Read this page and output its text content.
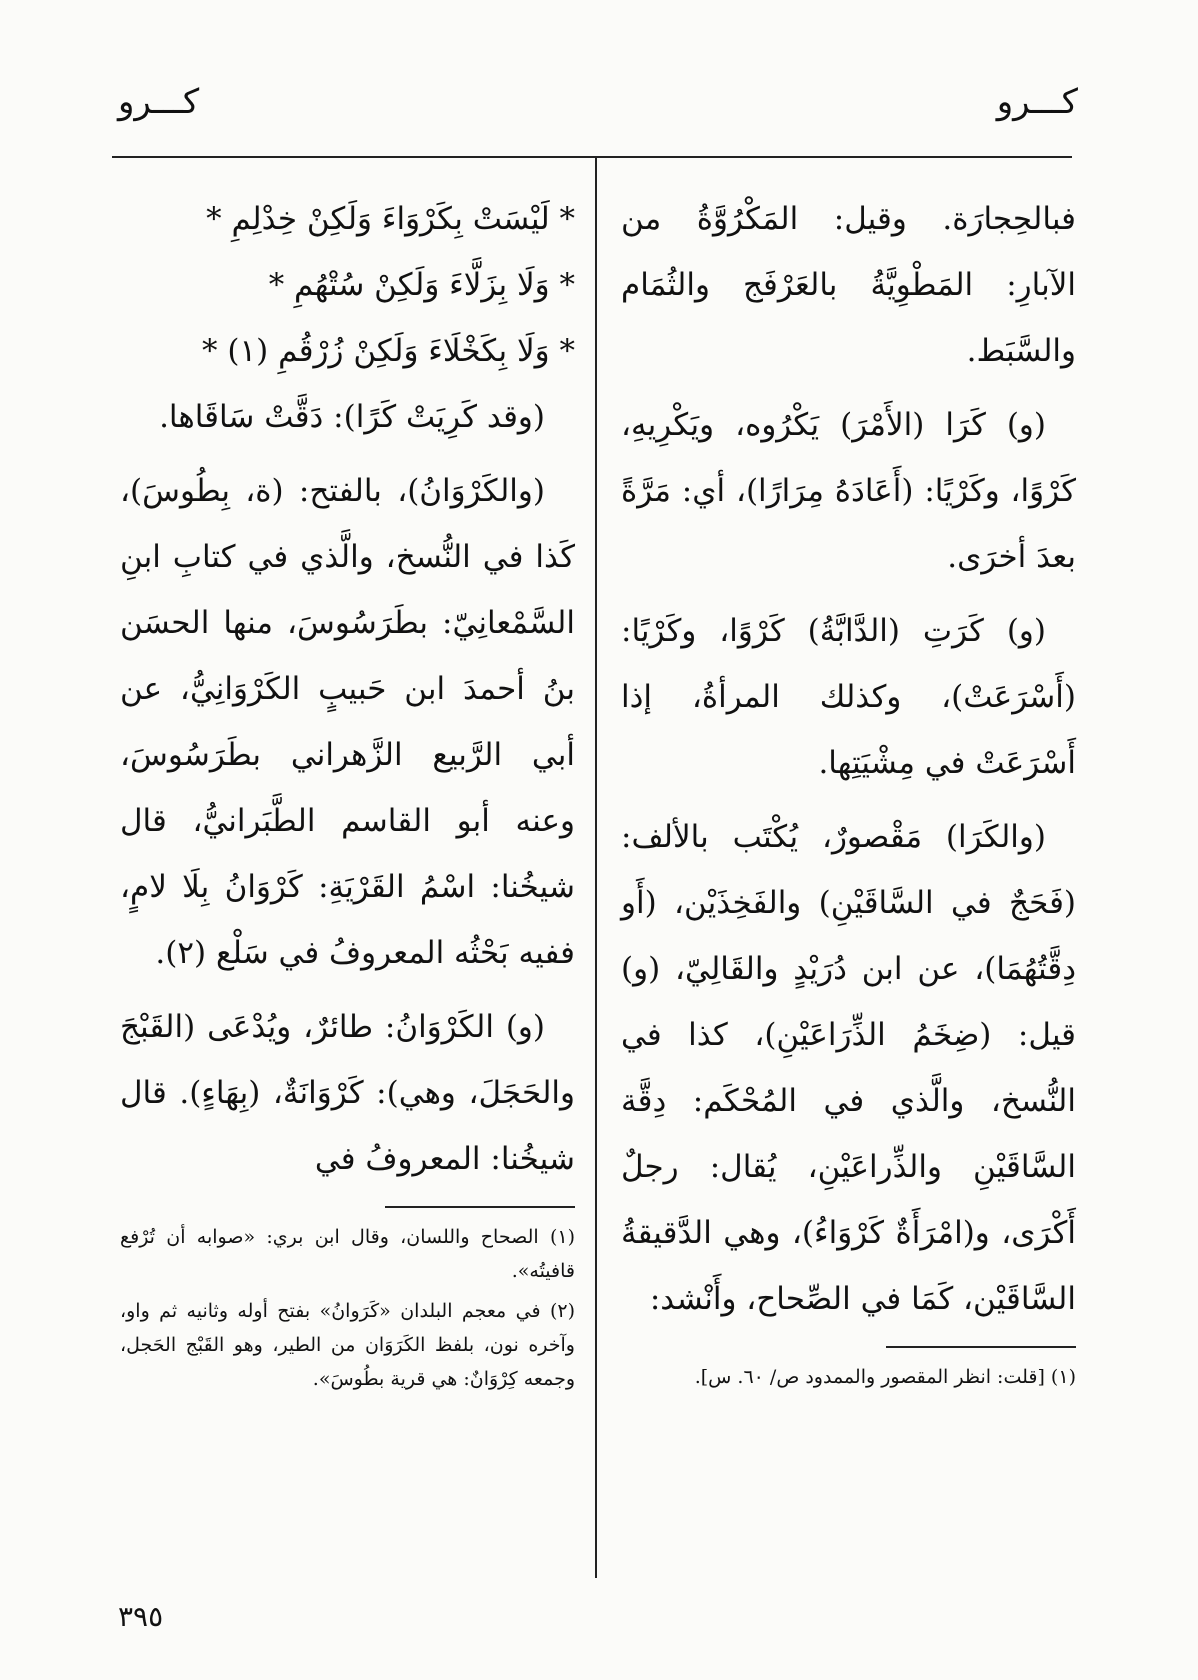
كـــرو
كـــرو

فبالحِجارَة. وقيل: المَكْرُوَّةُ من الآبارِ: المَطْوِيَّةُ بالعَرْفَج والثُمَام والسَّبَط.

(و) كَرَا (الأَمْرَ) يَكْرُوه، ويَكْرِيهِ، كَرْوًا، وكَرْيًا: (أَعَادَهُ مِرَارًا)، أي: مَرَّةً بعدَ أخرَى.

(و) كَرَتِ (الدَّابَّةُ) كَرْوًا، وكَرْيًا: (أَسْرَعَتْ)، وكذلك المرأةُ، إذا أَسْرَعَتْ في مِشْيَتِها.

(والكَرَا) مَقْصورٌ، يُكْتَب بالألف: (فَحَجٌ في السَّاقَيْنِ) والفَخِذَيْن، (أَو دِقَّتُهُمَا)، عن ابن دُرَيْدٍ والقَالِيّ، (و) قيل: (ضِخَمُ الذِّرَاعَيْنِ)، كذا في النُّسخ، والَّذي في المُحْكَم: دِقَّة السَّاقَيْنِ والذِّراعَيْنِ، يُقال: رجلٌ أَكْرَى، و(امْرَأَةٌ كَرْوَاءُ)، وهي الدَّقيقةُ السَّاقَيْن، كَمَا في الصِّحاح، وأَنْشد:

(١) [قلت: انظر المقصور والممدود ص/ ٦٠. س].

* لَيْسَتْ بِكَرْوَاءَ وَلَكِنْ خِدْلِمِ *

* وَلَا بِزَلَّاءَ وَلَكِنْ سُتْهُمِ *

* وَلَا بِكَخْلَاءَ وَلَكِنْ زُرْقُمِ (١) *

(وقد كَرِيَتْ كَرًا): دَقَّتْ سَاقَاها.

(والكَرْوَانُ)، بالفتح: (ة، بِطُوسَ)، كَذا في النُّسخ، والَّذي في كتابِ ابنِ السَّمْعانِيّ: بطَرَسُوسَ، منها الحسَن بنُ أحمدَ ابن حَبيبٍ الكَرْوَانِيُّ، عن أبي الرَّبيع الزَّهراني بطَرَسُوسَ، وعنه أبو القاسم الطَّبَرانيُّ، قال شيخُنا: اسْمُ القَرْيَةِ: كَرْوَانُ بِلَا لامٍ، ففيه بَحْثُه المعروفُ في سَلْع (٢).

(و) الكَرْوَانُ: طائرٌ، ويُدْعَى (القَبْجَ والحَجَلَ، وهي): كَرْوَانَةٌ، (بِهَاءٍ). قال شيخُنا: المعروفُ في

(١) الصحاح واللسان، وقال ابن بري: «صوابه أن تُرْفع قافيتُه».

(٢) في معجم البلدان «كَرَوانُ» بفتح أوله وثانيه ثم واو، وآخره نون، بلفظ الكَرَوَان من الطير، وهو القَبْج الحَجل، وجمعه كِرْوَانٌ: هي قرية بطُوسَ».

٣٩٥
